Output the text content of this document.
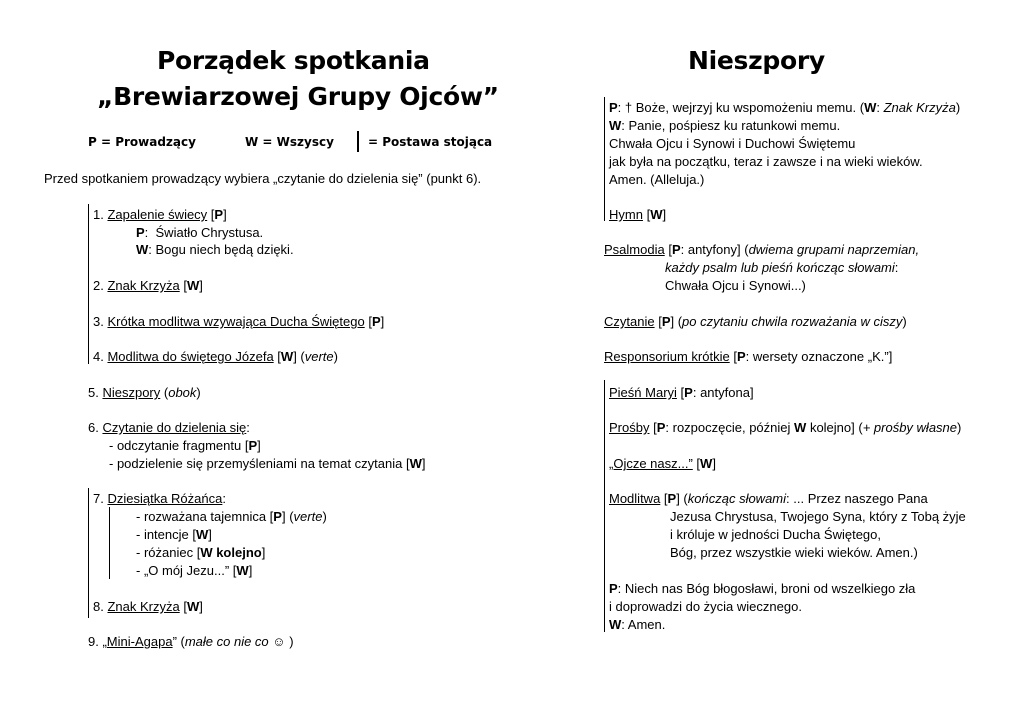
Porządek spotkania
„Brewiarzowej Grupy Ojców”
P = Prowadzący	W = Wszyscy	= Postawa stojąca
Przed spotkaniem prowadzący wybiera „czytanie do dzielenia się” (punkt 6).
1. Zapalenie świecy [P]
P:  Światło Chrystusa.
W: Bogu niech będą dzięki.
2. Znak Krzyża [W]
3. Krótka modlitwa wzywająca Ducha Świętego [P]
4. Modlitwa do świętego Józefa [W] (verte)
5. Nieszpory (obok)
6. Czytanie do dzielenia się:
- odczytanie fragmentu [P]
- podzielenie się przemyśleniami na temat czytania [W]
7. Dziesiątka Różańca:
- rozważana tajemnica [P] (verte)
- intencje [W]
- różaniec [W kolejno]
- „O mój Jezu...” [W]
8. Znak Krzyża [W]
9. „Mini-Agapa” (małe co nie co ☺ )
Nieszpory
P: † Boże, wejrzyj ku wspomożeniu memu. (W: Znak Krzyża)
W: Panie, pośpiesz ku ratunkowi memu.
Chwała Ojcu i Synowi i Duchowi Świętemu
jak była na początku, teraz i zawsze i na wieki wieków.
Amen. (Alleluja.)
Hymn [W]
Psalmodia [P: antyfony] (dwiema grupami naprzemian,
każdy psalm lub pieśń kończąc słowami:
Chwała Ojcu i Synowi...)
Czytanie [P] (po czytaniu chwila rozważania w ciszy)
Responsorium krótkie [P: wersety oznaczone „K.”]
Pieśń Maryi [P: antyfona]
Prośby [P: rozpoczęcie, później W kolejno] (+ prośby własne)
„Ojcze nasz...” [W]
Modlitwa [P] (kończąc słowami: ... Przez naszego Pana
Jezusa Chrystusa, Twojego Syna, który z Tobą żyje
i króluje w jedności Ducha Świętego,
Bóg, przez wszystkie wieki wieków. Amen.)
P: Niech nas Bóg błogosławi, broni od wszelkiego zła
i doprowadzi do życia wiecznego.
W: Amen.
